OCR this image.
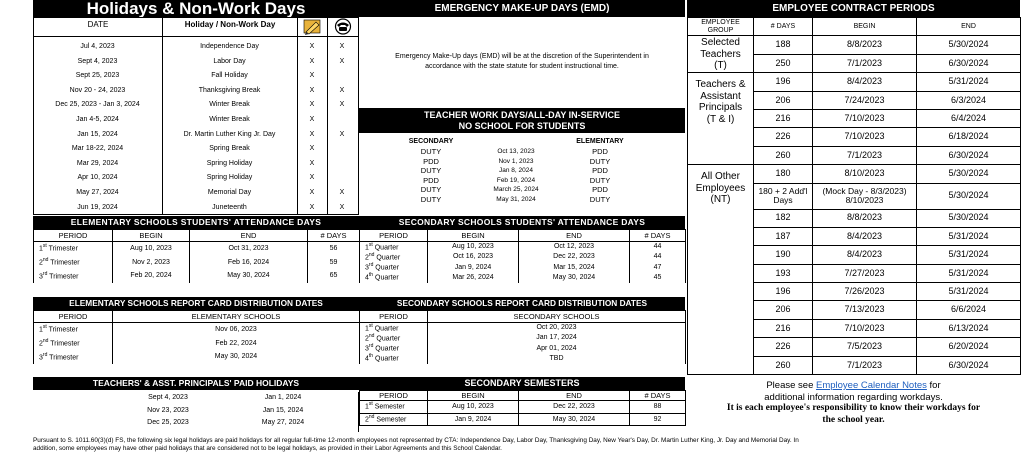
Holidays & Non-Work Days
DATE	Holiday / Non-Work Day
Jul 4, 2023	Independence Day	X	X
Sept 4, 2023	Labor Day	X	X
Sept 25, 2023	Fall Holiday	X
Nov 20 - 24, 2023	Thanksgiving Break	X	X
Dec 25, 2023 - Jan 3, 2024	Winter Break	X	X
Jan 4-5, 2024	Winter Break	X
Jan 15, 2024	Dr. Martin Luther King Jr. Day	X	X
Mar 18-22, 2024	Spring Break	X
Mar 29, 2024	Spring Holiday	X
Apr 10, 2024	Spring Holiday	X
May 27, 2024	Memorial Day	X	X
Jun 19, 2024	Juneteenth	X	X
EMERGENCY MAKE-UP DAYS (EMD)
Emergency Make-Up days (EMD) will be at the discretion of the Superintendent in
accordance with the state statute for student instructional time.
TEACHER WORK DAYS/ALL-DAY IN-SERVICE
NO SCHOOL FOR STUDENTS
SECONDARY	ELEMENTARY
DUTY	Oct 13, 2023	PDD
PDD	Nov 1, 2023	DUTY
DUTY	Jan 8, 2024	PDD
PDD	Feb 19, 2024	DUTY
DUTY	March 25, 2024	PDD
DUTY	May 31, 2024	DUTY
ELEMENTARY SCHOOLS STUDENTS' ATTENDANCE DAYS
PERIOD	BEGIN	END	# DAYS
1st Trimester	Aug 10, 2023	Oct 31, 2023	56
2nd Trimester	Nov 2, 2023	Feb 16, 2024	59
3rd Trimester	Feb 20, 2024	May 30, 2024	65
SECONDARY SCHOOLS STUDENTS' ATTENDANCE DAYS
PERIOD	BEGIN	END	# DAYS
1st Quarter	Aug 10, 2023	Oct 12, 2023	44
2nd Quarter	Oct 16, 2023	Dec 22, 2023	44
3rd Quarter	Jan 9, 2024	Mar 15, 2024	47
4th Quarter	Mar 26, 2024	May 30, 2024	45
ELEMENTARY SCHOOLS REPORT CARD DISTRIBUTION DATES
PERIOD	ELEMENTARY SCHOOLS
1st Trimester	Nov 06, 2023
2nd Trimester	Feb 22, 2024
3rd Trimester	May 30, 2024
SECONDARY SCHOOLS REPORT CARD DISTRIBUTION DATES
PERIOD	SECONDARY SCHOOLS
1st Quarter	Oct 20, 2023
2nd Quarter	Jan 17, 2024
3rd Quarter	Apr 01, 2024
4th Quarter	TBD
TEACHERS' & ASST. PRINCIPALS' PAID HOLIDAYS
Sept 4, 2023	Jan 1, 2024
Nov 23, 2023	Jan 15, 2024
Dec 25, 2023	May 27, 2024
SECONDARY SEMESTERS
PERIOD	BEGIN	END	# DAYS
1st Semester	Aug 10, 2023	Dec 22, 2023	88
2nd Semester	Jan 9, 2024	May 30, 2024	92
EMPLOYEE CONTRACT PERIODS
EMPLOYEE GROUP	# DAYS	BEGIN	END
Selected Teachers (T)	188	8/8/2023	5/30/2024
	250	7/1/2023	6/30/2024
Teachers & Assistant Principals (T & I)	196	8/4/2023	5/31/2024
	206	7/24/2023	6/3/2024
	216	7/10/2023	6/4/2024
	226	7/10/2023	6/18/2024
	260	7/1/2023	6/30/2024
All Other Employees (NT)	180	8/10/2023	5/30/2024
	180 + 2 Add'l Days	(Mock Day - 8/3/2023) 8/10/2023	5/30/2024
	182	8/8/2023	5/30/2024
	187	8/4/2023	5/31/2024
	190	8/4/2023	5/31/2024
	193	7/27/2023	5/31/2024
	196	7/26/2023	5/31/2024
	206	7/13/2023	6/6/2024
	216	7/10/2023	6/13/2024
	226	7/5/2023	6/20/2024
	260	7/1/2023	6/30/2024
Please see Employee Calendar Notes for
additional information regarding workdays.
It is each employee's responsibility to know their workdays for
the school year.
Pursuant to S. 1011.60(3)(d) FS, the following six legal holidays are paid holidays for all regular full-time 12-month employees not represented by CTA: Independence Day, Labor Day, Thanksgiving Day, New Year's Day, Dr. Martin Luther King, Jr. Day and Memorial Day. In
addition, some employees may have other paid holidays that are considered not to be legal holidays, as provided in their Labor Agreements and this School Calendar.
